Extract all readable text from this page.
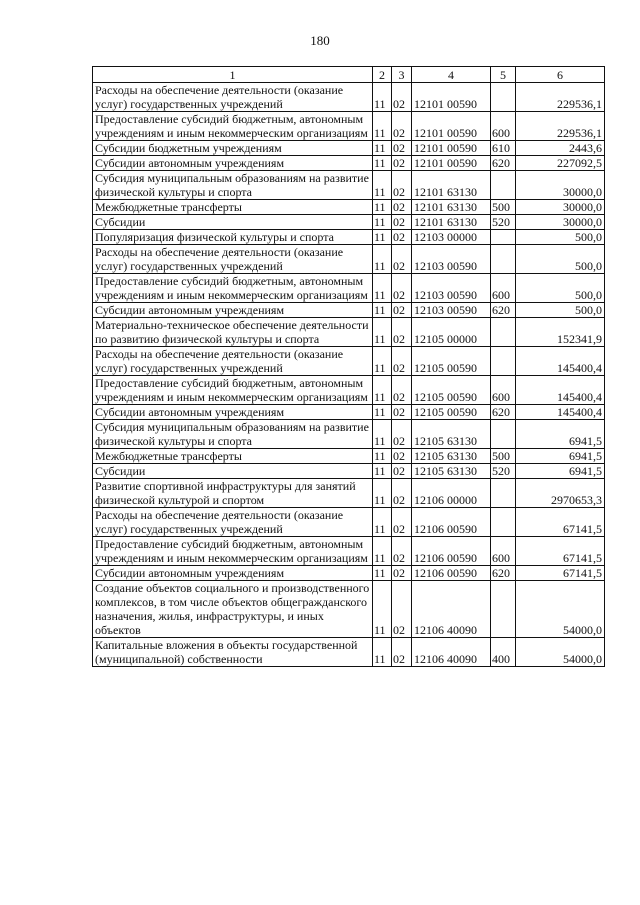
180
1	2	3	4	5	6
Расходы на обеспечение деятельности (оказание услуг) государственных учреждений	11	02	12101 00590		229536,1
Предоставление субсидий бюджетным, автономным учреждениям и иным некоммерческим организациям	11	02	12101 00590	600	229536,1
Субсидии бюджетным учреждениям	11	02	12101 00590	610	2443,6
Субсидии автономным учреждениям	11	02	12101 00590	620	227092,5
Субсидия муниципальным образованиям на развитие физической культуры и спорта	11	02	12101 63130		30000,0
Межбюджетные трансферты	11	02	12101 63130	500	30000,0
Субсидии	11	02	12101 63130	520	30000,0
Популяризация физической культуры и спорта	11	02	12103 00000		500,0
Расходы на обеспечение деятельности (оказание услуг) государственных учреждений	11	02	12103 00590		500,0
Предоставление субсидий бюджетным, автономным учреждениям и иным некоммерческим организациям	11	02	12103 00590	600	500,0
Субсидии автономным учреждениям	11	02	12103 00590	620	500,0
Материально-техническое обеспечение деятельности по развитию физической культуры и спорта	11	02	12105 00000		152341,9
Расходы на обеспечение деятельности (оказание услуг) государственных учреждений	11	02	12105 00590		145400,4
Предоставление субсидий бюджетным, автономным учреждениям и иным некоммерческим организациям	11	02	12105 00590	600	145400,4
Субсидии автономным учреждениям	11	02	12105 00590	620	145400,4
Субсидия муниципальным образованиям на развитие физической культуры и спорта	11	02	12105 63130		6941,5
Межбюджетные трансферты	11	02	12105 63130	500	6941,5
Субсидии	11	02	12105 63130	520	6941,5
Развитие спортивной инфраструктуры для занятий физической культурой и спортом	11	02	12106 00000		2970653,3
Расходы на обеспечение деятельности (оказание услуг) государственных учреждений	11	02	12106 00590		67141,5
Предоставление субсидий бюджетным, автономным учреждениям и иным некоммерческим организациям	11	02	12106 00590	600	67141,5
Субсидии автономным учреждениям	11	02	12106 00590	620	67141,5
Создание объектов социального и производственного комплексов, в том числе объектов общегражданского назначения, жилья, инфраструктуры, и иных объектов	11	02	12106 40090		54000,0
Капитальные вложения в объекты государственной (муниципальной) собственности	11	02	12106 40090	400	54000,0
